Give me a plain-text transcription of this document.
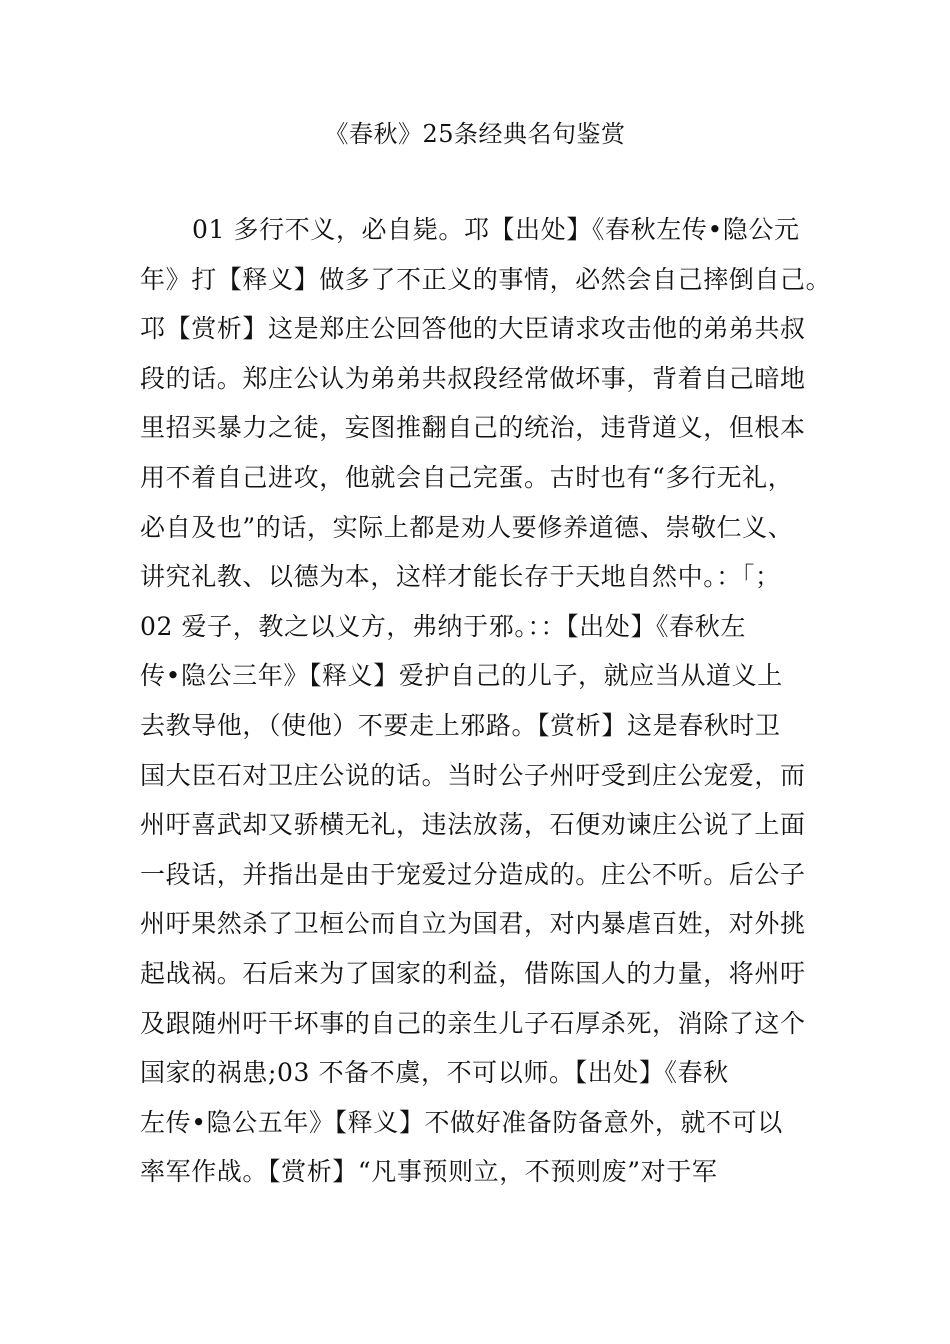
《春秋》25条经典名句鉴赏
01 多行不义，必自毙。邛【出处】《春秋左传•隐公元
年》打【释义】做多了不正义的事情，必然会自己摔倒自己。
邛【赏析】这是郑庄公回答他的大臣请求攻击他的弟弟共叔
段的话。郑庄公认为弟弟共叔段经常做坏事，背着自己暗地
里招买暴力之徒，妄图推翻自己的统治，违背道义，但根本
用不着自己进攻，他就会自己完蛋。古时也有“多行无礼，
必自及也”的话，实际上都是劝人要修养道德、崇敬仁义、
讲究礼教、以德为本，这样才能长存于天地自然中。：「；
02 爱子，教之以义方，弗纳于邪。：：【出处】《春秋左
传•隐公三年》【释义】爱护自己的儿子，就应当从道义上
去教导他，（使他）不要走上邪路。【赏析】这是春秋时卫
国大臣石对卫庄公说的话。当时公子州吁受到庄公宠爱，而
州吁喜武却又骄横无礼，违法放荡，石便劝谏庄公说了上面
一段话，并指出是由于宠爱过分造成的。庄公不听。后公子
州吁果然杀了卫桓公而自立为国君，对内暴虐百姓，对外挑
起战祸。石后来为了国家的利益，借陈国人的力量，将州吁
及跟随州吁干坏事的自己的亲生儿子石厚杀死，消除了这个
国家的祸患;03 不备不虞，不可以师。【出处】《春秋
左传•隐公五年》【释义】不做好准备防备意外，就不可以
率军作战。【赏析】“凡事预则立，不预则废”对于军
